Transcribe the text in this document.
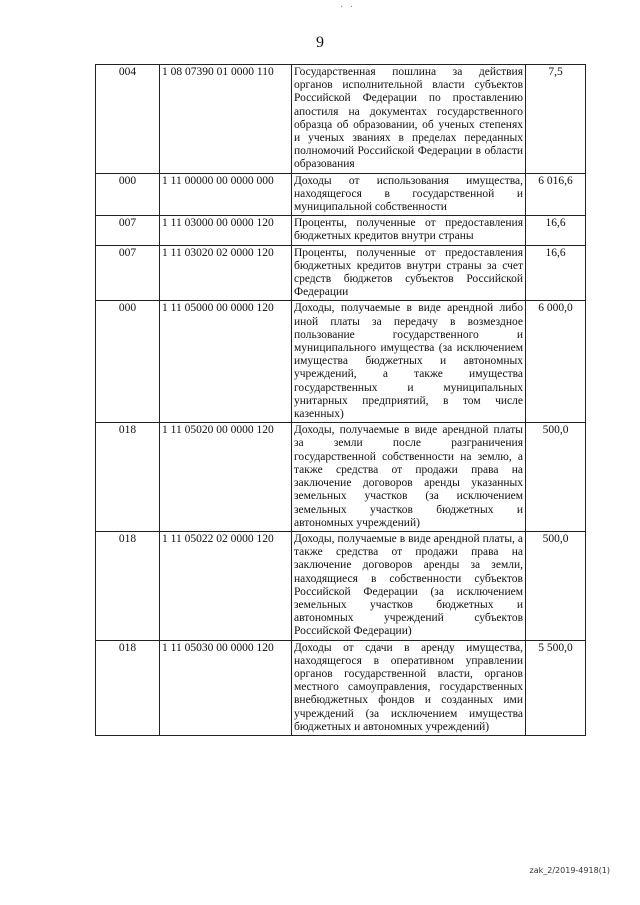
· ·
9
004	1 08 07390 01 0000 110	Государственная пошлина за действия органов исполнительной власти субъектов Российской Федерации по проставлению апостиля на документах государственного образца об образовании, об ученых степенях и ученых званиях в пределах переданных полномочий Российской Федерации в области образования	7,5
000	1 11 00000 00 0000 000	Доходы от использования имущества, находящегося в государственной и муниципальной собственности	6 016,6
007	1 11 03000 00 0000 120	Проценты, полученные от предоставления бюджетных кредитов внутри страны	16,6
007	1 11 03020 02 0000 120	Проценты, полученные от предоставления бюджетных кредитов внутри страны за счет средств бюджетов субъектов Российской Федерации	16,6
000	1 11 05000 00 0000 120	Доходы, получаемые в виде арендной либо иной платы за передачу в возмездное пользование государственного и муниципального имущества (за исключением имущества бюджетных и автономных учреждений, а также имущества государственных и муниципальных унитарных предприятий, в том числе казенных)	6 000,0
018	1 11 05020 00 0000 120	Доходы, получаемые в виде арендной платы за земли после разграничения государственной собственности на землю, а также средства от продажи права на заключение договоров аренды указанных земельных участков (за исключением земельных участков бюджетных и автономных учреждений)	500,0
018	1 11 05022 02 0000 120	Доходы, получаемые в виде арендной платы, а также средства от продажи права на заключение договоров аренды за земли, находящиеся в собственности субъектов Российской Федерации (за исключением земельных участков бюджетных и автономных учреждений субъектов Российской Федерации)	500,0
018	1 11 05030 00 0000 120	Доходы от сдачи в аренду имущества, находящегося в оперативном управлении органов государственной власти, органов местного самоуправления, государственных внебюджетных фондов и созданных ими учреждений (за исключением имущества бюджетных и автономных учреждений)	5 500,0
zak_2/2019-4918(1)
